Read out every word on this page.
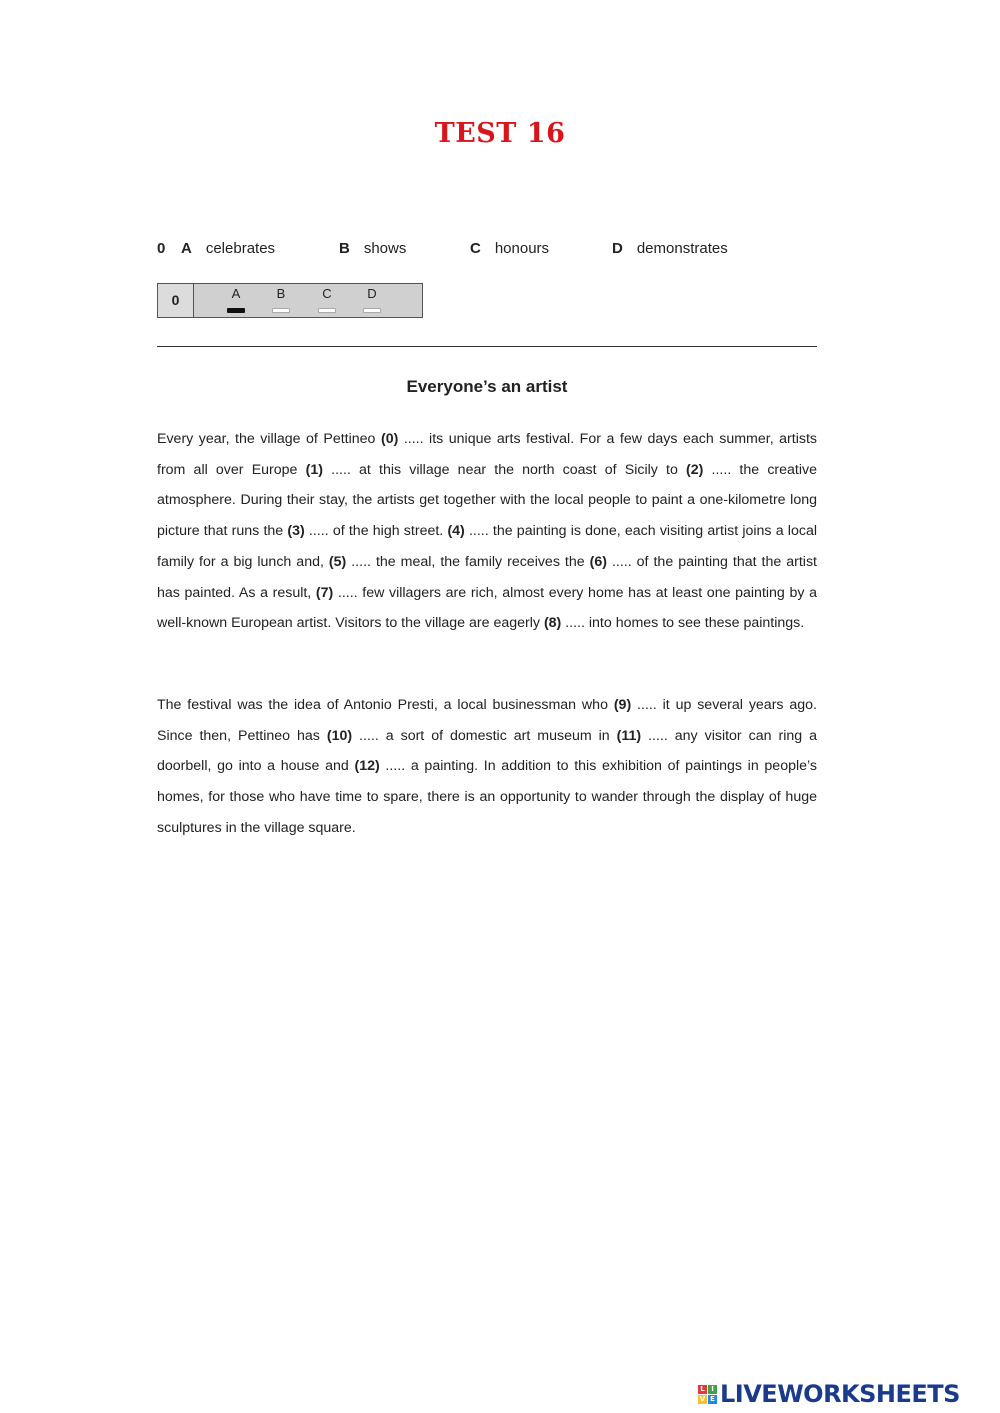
TEST 16
0 A celebrates	B shows	C honours	D demonstrates
0	A	B	C	D
Everyone’s an artist

Every year, the village of Pettineo (0) ..... its unique arts festival. For a few days each summer, artists from all over Europe (1) ..... at this village near the north coast of Sicily to (2) ..... the creative atmosphere. During their stay, the artists get together with the local people to paint a one-kilometre long picture that runs the (3) ..... of the high street. (4) ..... the painting is done, each visiting artist joins a local family for a big lunch and, (5) ..... the meal, the family receives the (6) ..... of the painting that the artist has painted. As a result, (7) ..... few villagers are rich, almost every home has at least one painting by a well-known European artist. Visitors to the village are eagerly (8) ..... into homes to see these paintings.

The festival was the idea of Antonio Presti, a local businessman who (9) ..... it up several years ago. Since then, Pettineo has (10) ..... a sort of domestic art museum in (11) ..... any visitor can ring a doorbell, go into a house and (12) ..... a painting. In addition to this exhibition of paintings in people’s homes, for those who have time to spare, there is an opportunity to wander through the display of huge sculptures in the village square.

L I
V E LIVEWORKSHEETS
